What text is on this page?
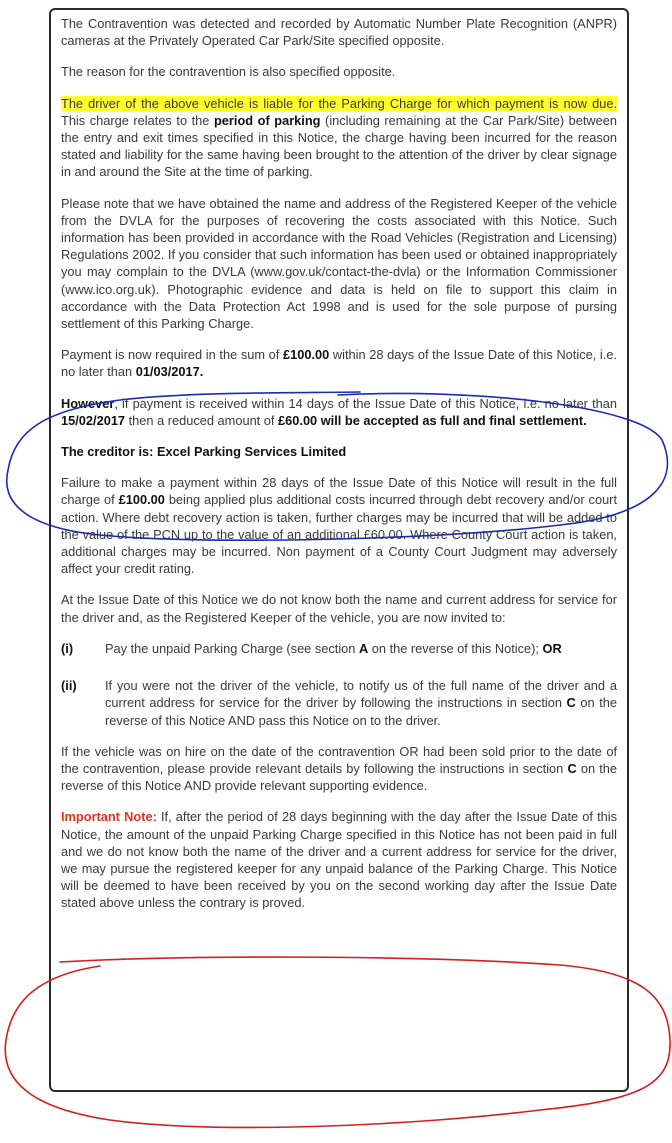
The Contravention was detected and recorded by Automatic Number Plate Recognition (ANPR) cameras at the Privately Operated Car Park/Site specified opposite.

The reason for the contravention is also specified opposite.

The driver of the above vehicle is liable for the Parking Charge for which payment is now due. This charge relates to the period of parking (including remaining at the Car Park/Site) between the entry and exit times specified in this Notice, the charge having been incurred for the reason stated and liability for the same having been brought to the attention of the driver by clear signage in and around the Site at the time of parking.

Please note that we have obtained the name and address of the Registered Keeper of the vehicle from the DVLA for the purposes of recovering the costs associated with this Notice. Such information has been provided in accordance with the Road Vehicles (Registration and Licensing) Regulations 2002. If you consider that such information has been used or obtained inappropriately you may complain to the DVLA (www.gov.uk/contact-the-dvla) or the Information Commissioner (www.ico.org.uk). Photographic evidence and data is held on file to support this claim in accordance with the Data Protection Act 1998 and is used for the sole purpose of pursing settlement of this Parking Charge.

Payment is now required in the sum of £100.00 within 28 days of the Issue Date of this Notice, i.e. no later than 01/03/2017.

However, if payment is received within 14 days of the Issue Date of this Notice, i.e. no later than 15/02/2017 then a reduced amount of £60.00 will be accepted as full and final settlement.

The creditor is: Excel Parking Services Limited

Failure to make a payment within 28 days of the Issue Date of this Notice will result in the full charge of £100.00 being applied plus additional costs incurred through debt recovery and/or court action. Where debt recovery action is taken, further charges may be incurred that will be added to the value of the PCN up to the value of an additional £60.00. Where County Court action is taken, additional charges may be incurred. Non payment of a County Court Judgment may adversely affect your credit rating.

At the Issue Date of this Notice we do not know both the name and current address for service for the driver and, as the Registered Keeper of the vehicle, you are now invited to:

(i)	Pay the unpaid Parking Charge (see section A on the reverse of this Notice); OR
(ii)	If you were not the driver of the vehicle, to notify us of the full name of the driver and a current address for service for the driver by following the instructions in section C on the reverse of this Notice AND pass this Notice on to the driver.

If the vehicle was on hire on the date of the contravention OR had been sold prior to the date of the contravention, please provide relevant details by following the instructions in section C on the reverse of this Notice AND provide relevant supporting evidence.

Important Note: If, after the period of 28 days beginning with the day after the Issue Date of this Notice, the amount of the unpaid Parking Charge specified in this Notice has not been paid in full and we do not know both the name of the driver and a current address for service for the driver, we may pursue the registered keeper for any unpaid balance of the Parking Charge. This Notice will be deemed to have been received by you on the second working day after the Issue Date stated above unless the contrary is proved.
